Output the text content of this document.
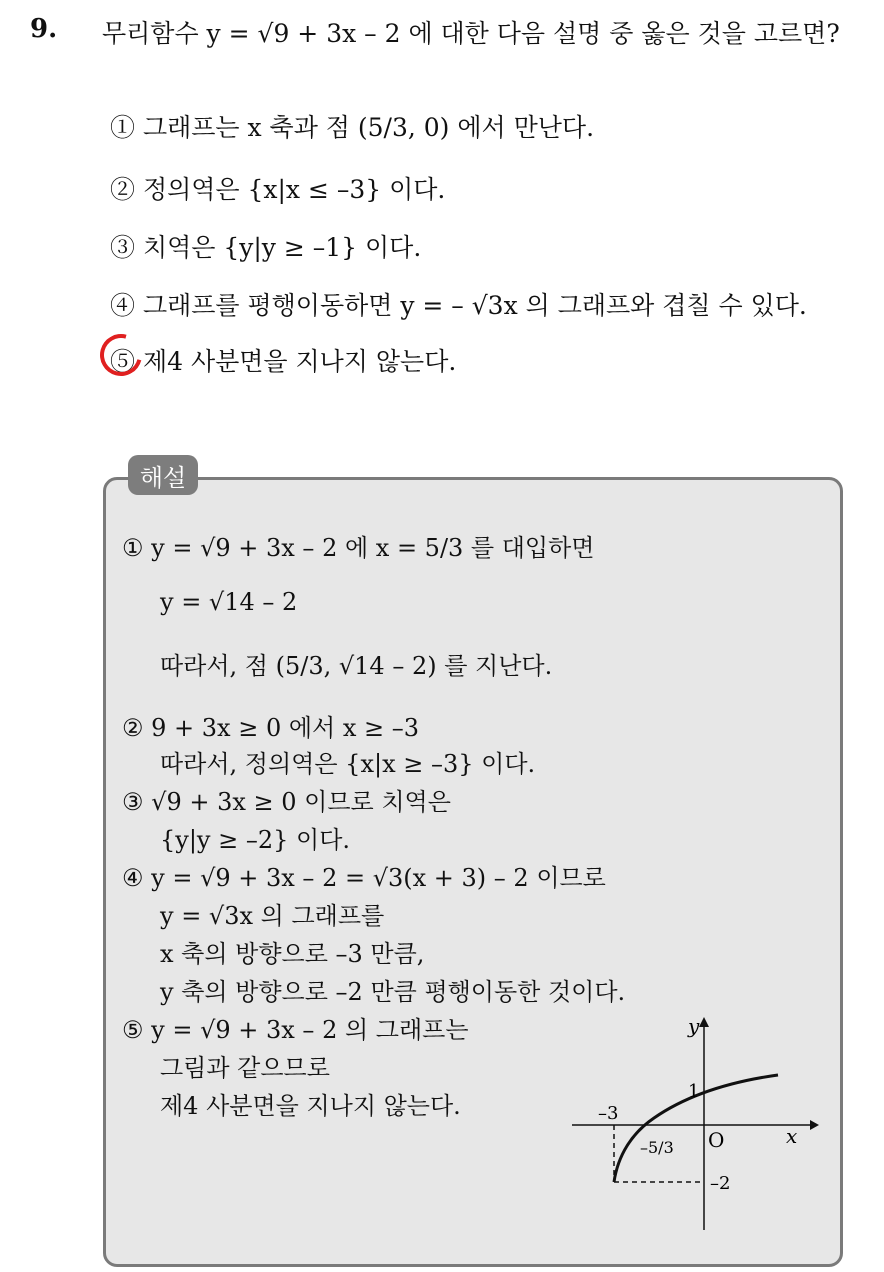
9. 무리함수 y = √9 + 3x – 2 에 대한 다음 설명 중 옳은 것을 고르면?
① 그래프는 x 축과 점 (5/3, 0) 에서 만난다.
② 정의역은 {x|x ≤ –3} 이다.
③ 치역은 {y|y ≥ –1} 이다.
④ 그래프를 평행이동하면 y = – √3x 의 그래프와 겹칠 수 있다.
⑤ 제4 사분면을 지나지 않는다.
해설
① y = √9 + 3x – 2 에 x = 5/3 를 대입하면
y = √14 – 2
따라서, 점 (5/3, √14 – 2) 를 지난다.
② 9 + 3x ≥ 0 에서 x ≥ –3
따라서, 정의역은 {x|x ≥ –3} 이다.
③ √9 + 3x ≥ 0 이므로 치역은
{y|y ≥ –2} 이다.
④ y = √9 + 3x – 2 = √3(x + 3) – 2 이므로
y = √3x 의 그래프를
x 축의 방향으로 –3 만큼,
y 축의 방향으로 –2 만큼 평행이동한 것이다.
⑤ y = √9 + 3x – 2 의 그래프는
그림과 같으므로
제4 사분면을 지나지 않는다.
y
x
O
1
–3
–5/3
–2
